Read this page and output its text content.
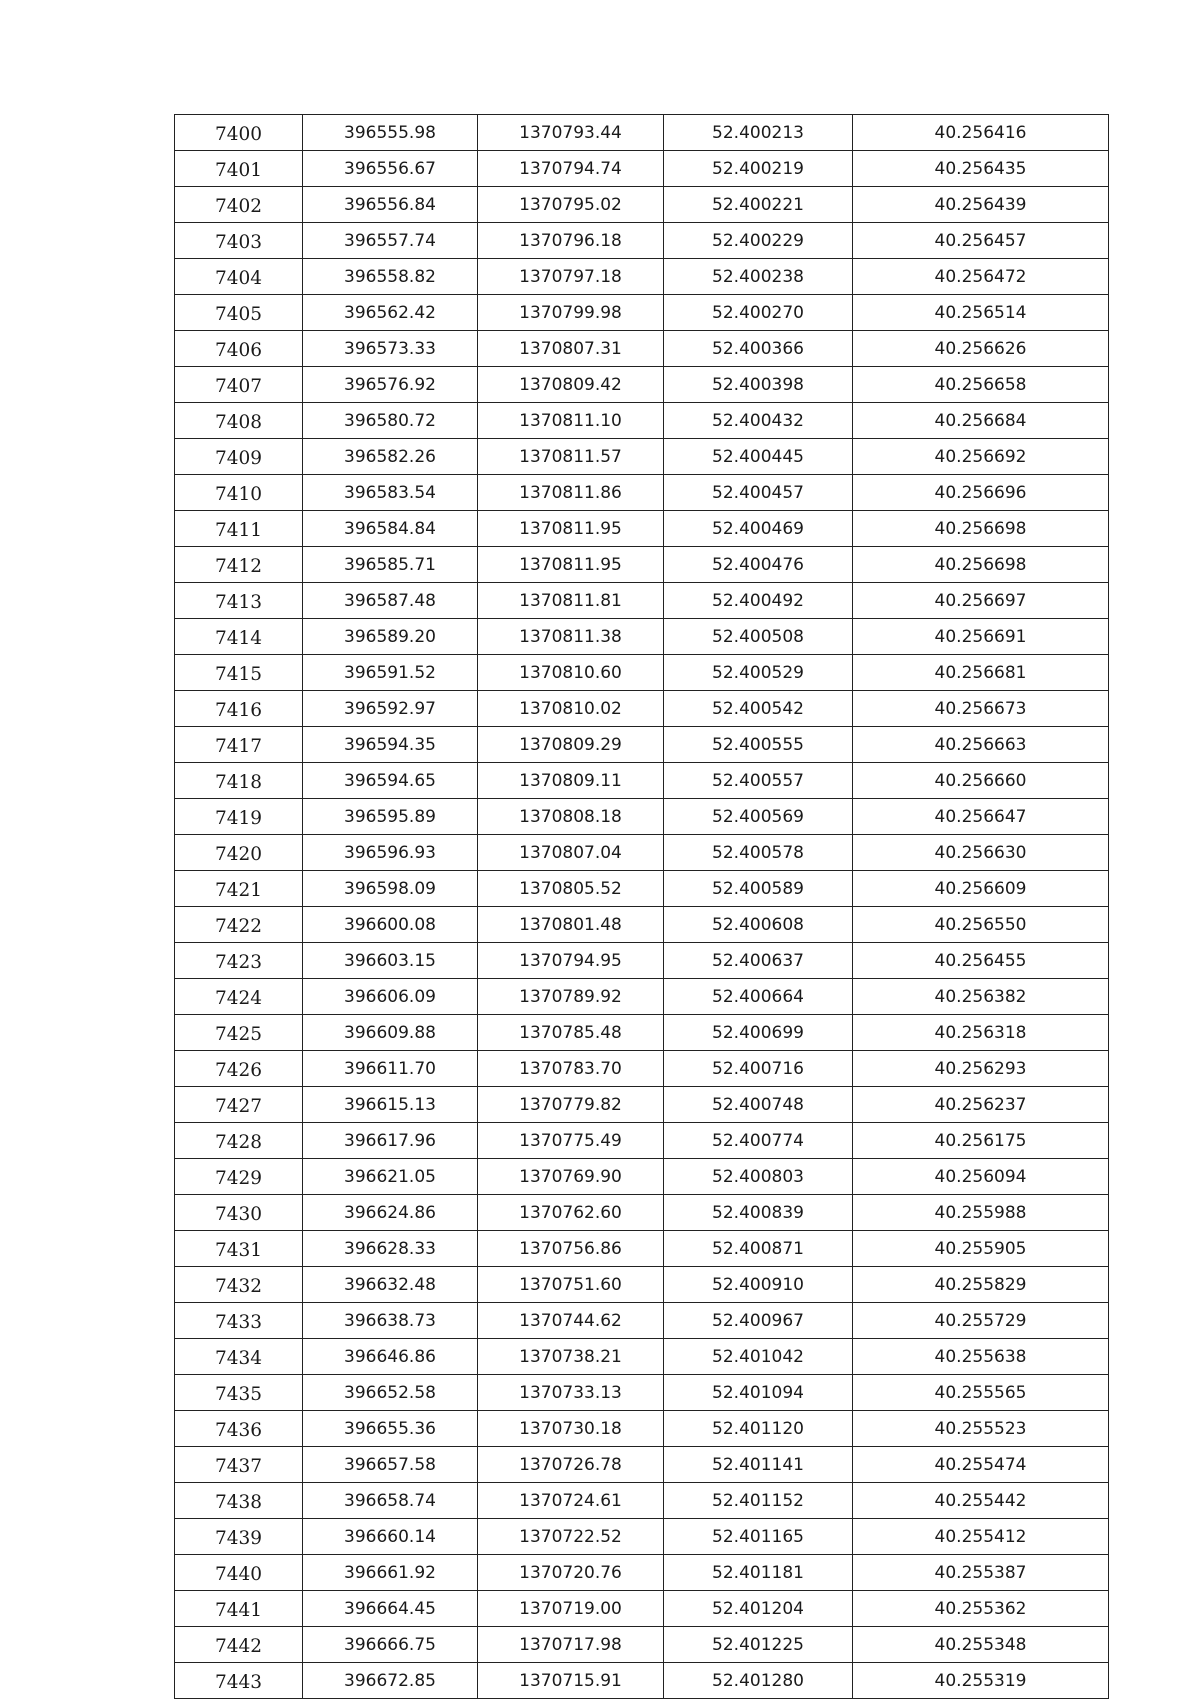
7400	396555.98	1370793.44	52.400213	40.256416
7401	396556.67	1370794.74	52.400219	40.256435
7402	396556.84	1370795.02	52.400221	40.256439
7403	396557.74	1370796.18	52.400229	40.256457
7404	396558.82	1370797.18	52.400238	40.256472
7405	396562.42	1370799.98	52.400270	40.256514
7406	396573.33	1370807.31	52.400366	40.256626
7407	396576.92	1370809.42	52.400398	40.256658
7408	396580.72	1370811.10	52.400432	40.256684
7409	396582.26	1370811.57	52.400445	40.256692
7410	396583.54	1370811.86	52.400457	40.256696
7411	396584.84	1370811.95	52.400469	40.256698
7412	396585.71	1370811.95	52.400476	40.256698
7413	396587.48	1370811.81	52.400492	40.256697
7414	396589.20	1370811.38	52.400508	40.256691
7415	396591.52	1370810.60	52.400529	40.256681
7416	396592.97	1370810.02	52.400542	40.256673
7417	396594.35	1370809.29	52.400555	40.256663
7418	396594.65	1370809.11	52.400557	40.256660
7419	396595.89	1370808.18	52.400569	40.256647
7420	396596.93	1370807.04	52.400578	40.256630
7421	396598.09	1370805.52	52.400589	40.256609
7422	396600.08	1370801.48	52.400608	40.256550
7423	396603.15	1370794.95	52.400637	40.256455
7424	396606.09	1370789.92	52.400664	40.256382
7425	396609.88	1370785.48	52.400699	40.256318
7426	396611.70	1370783.70	52.400716	40.256293
7427	396615.13	1370779.82	52.400748	40.256237
7428	396617.96	1370775.49	52.400774	40.256175
7429	396621.05	1370769.90	52.400803	40.256094
7430	396624.86	1370762.60	52.400839	40.255988
7431	396628.33	1370756.86	52.400871	40.255905
7432	396632.48	1370751.60	52.400910	40.255829
7433	396638.73	1370744.62	52.400967	40.255729
7434	396646.86	1370738.21	52.401042	40.255638
7435	396652.58	1370733.13	52.401094	40.255565
7436	396655.36	1370730.18	52.401120	40.255523
7437	396657.58	1370726.78	52.401141	40.255474
7438	396658.74	1370724.61	52.401152	40.255442
7439	396660.14	1370722.52	52.401165	40.255412
7440	396661.92	1370720.76	52.401181	40.255387
7441	396664.45	1370719.00	52.401204	40.255362
7442	396666.75	1370717.98	52.401225	40.255348
7443	396672.85	1370715.91	52.401280	40.255319
